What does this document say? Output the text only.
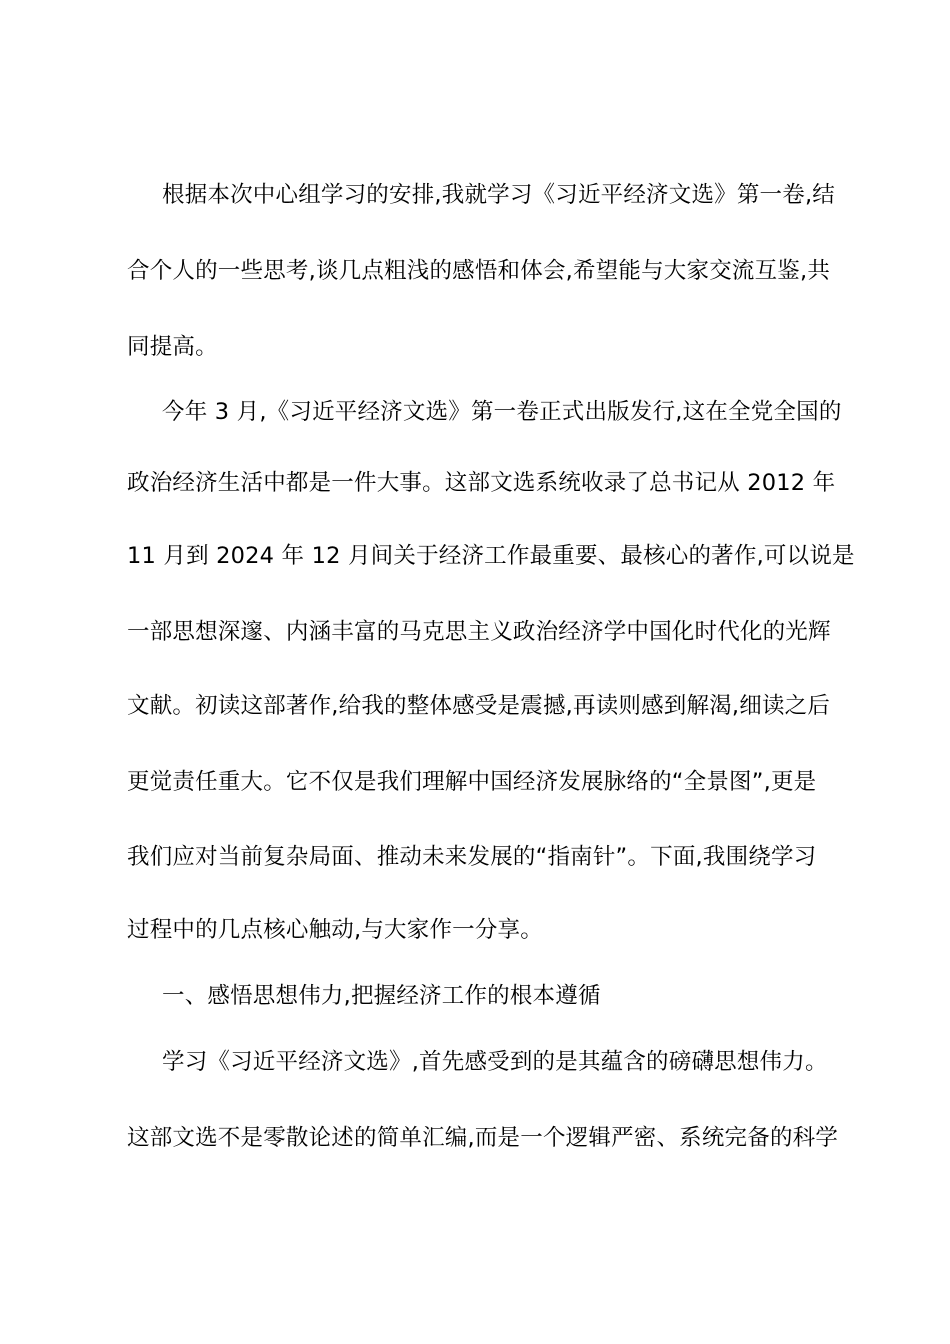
根据本次中心组学习的安排,我就学习《习近平经济文选》第一卷,结
合个人的一些思考,谈几点粗浅的感悟和体会,希望能与大家交流互鉴,共
同提高。
今年 3 月,《习近平经济文选》第一卷正式出版发行,这在全党全国的
政治经济生活中都是一件大事。这部文选系统收录了总书记从 2012 年
11 月到 2024 年 12 月间关于经济工作最重要、最核心的著作,可以说是
一部思想深邃、内涵丰富的马克思主义政治经济学中国化时代化的光辉
文献。初读这部著作,给我的整体感受是震撼,再读则感到解渴,细读之后
更觉责任重大。它不仅是我们理解中国经济发展脉络的“全景图”,更是
我们应对当前复杂局面、推动未来发展的“指南针”。下面,我围绕学习
过程中的几点核心触动,与大家作一分享。
一、感悟思想伟力,把握经济工作的根本遵循
学习《习近平经济文选》,首先感受到的是其蕴含的磅礴思想伟力。
这部文选不是零散论述的简单汇编,而是一个逻辑严密、系统完备的科学
